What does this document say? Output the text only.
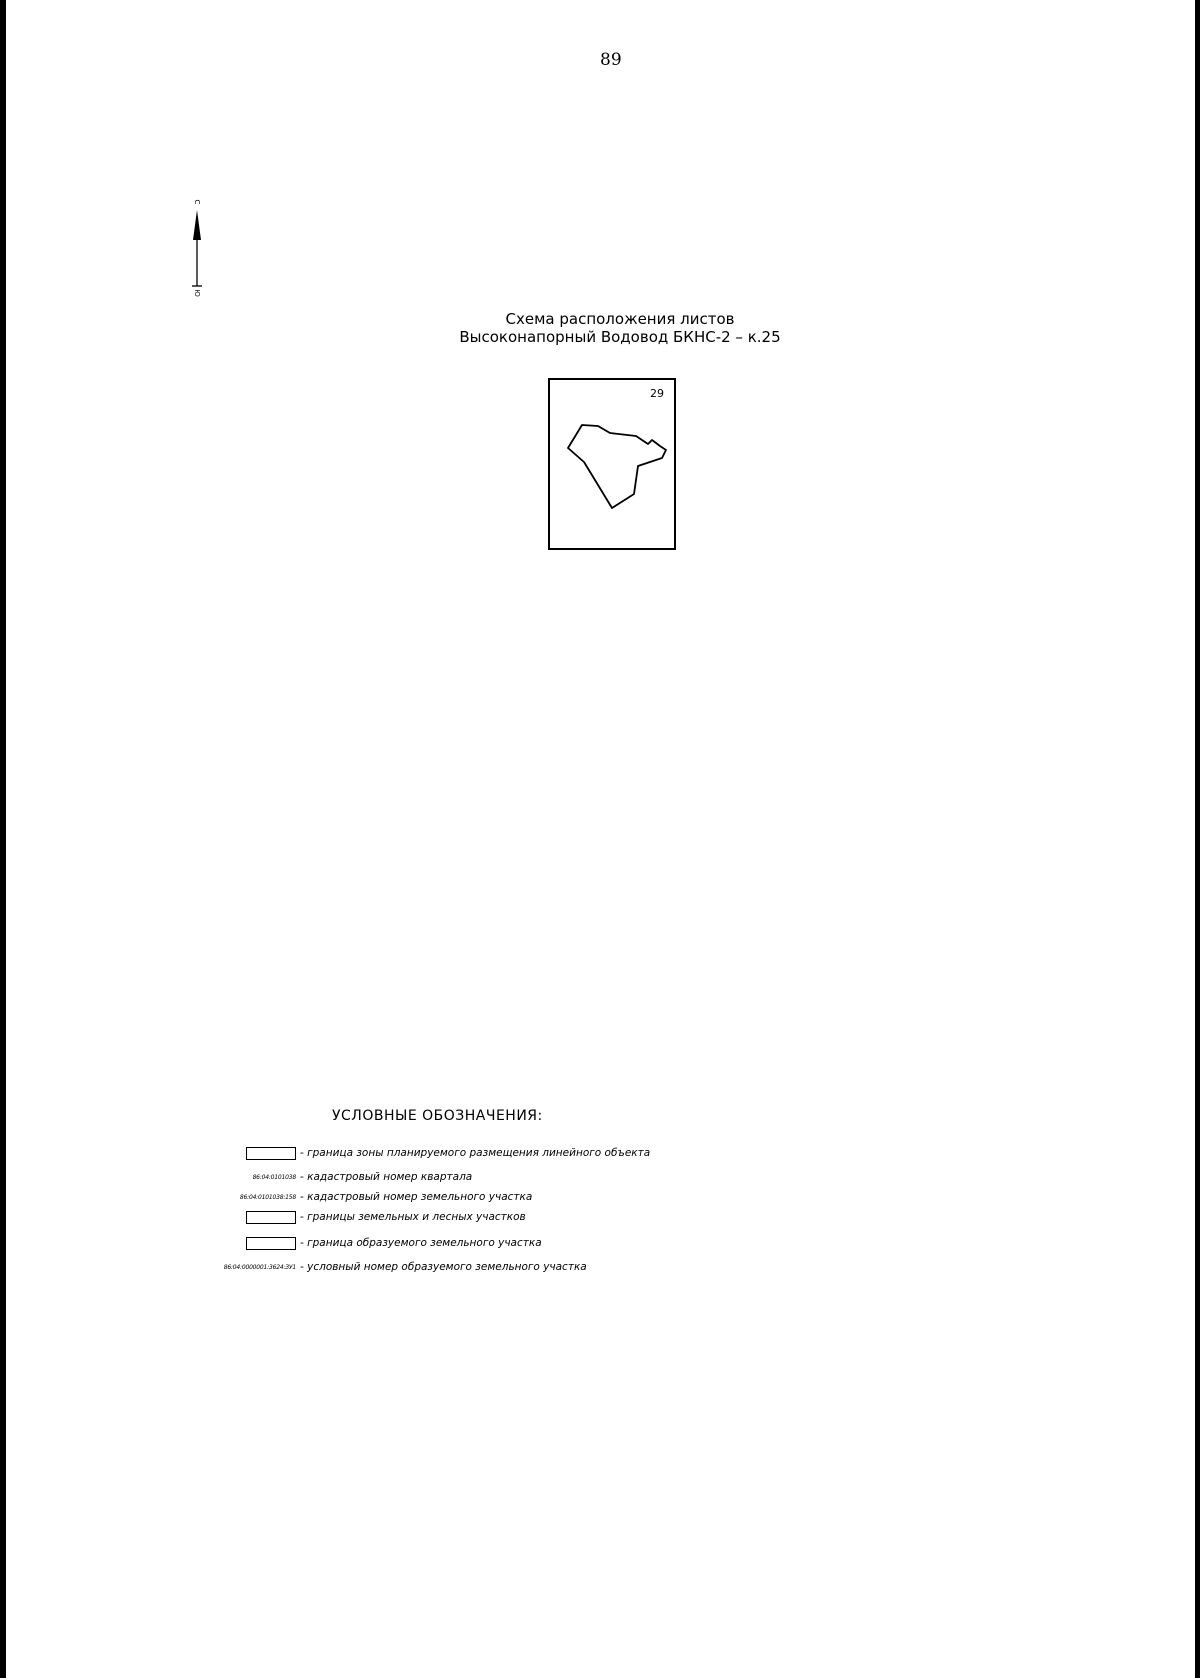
89
С
Ю
Схема расположения листов
Высоконапорный Водовод БКНС-2 – к.25
29
УСЛОВНЫЕ ОБОЗНАЧЕНИЯ:
- граница зоны планируемого размещения линейного объекта
86:04:0101038 - кадастровый номер квартала
86:04:0101038:158 - кадастровый номер земельного участка
- границы земельных и лесных участков
- граница образуемого земельного участка
86:04:0000001:3624:ЗУ1 - условный номер образуемого земельного участка
